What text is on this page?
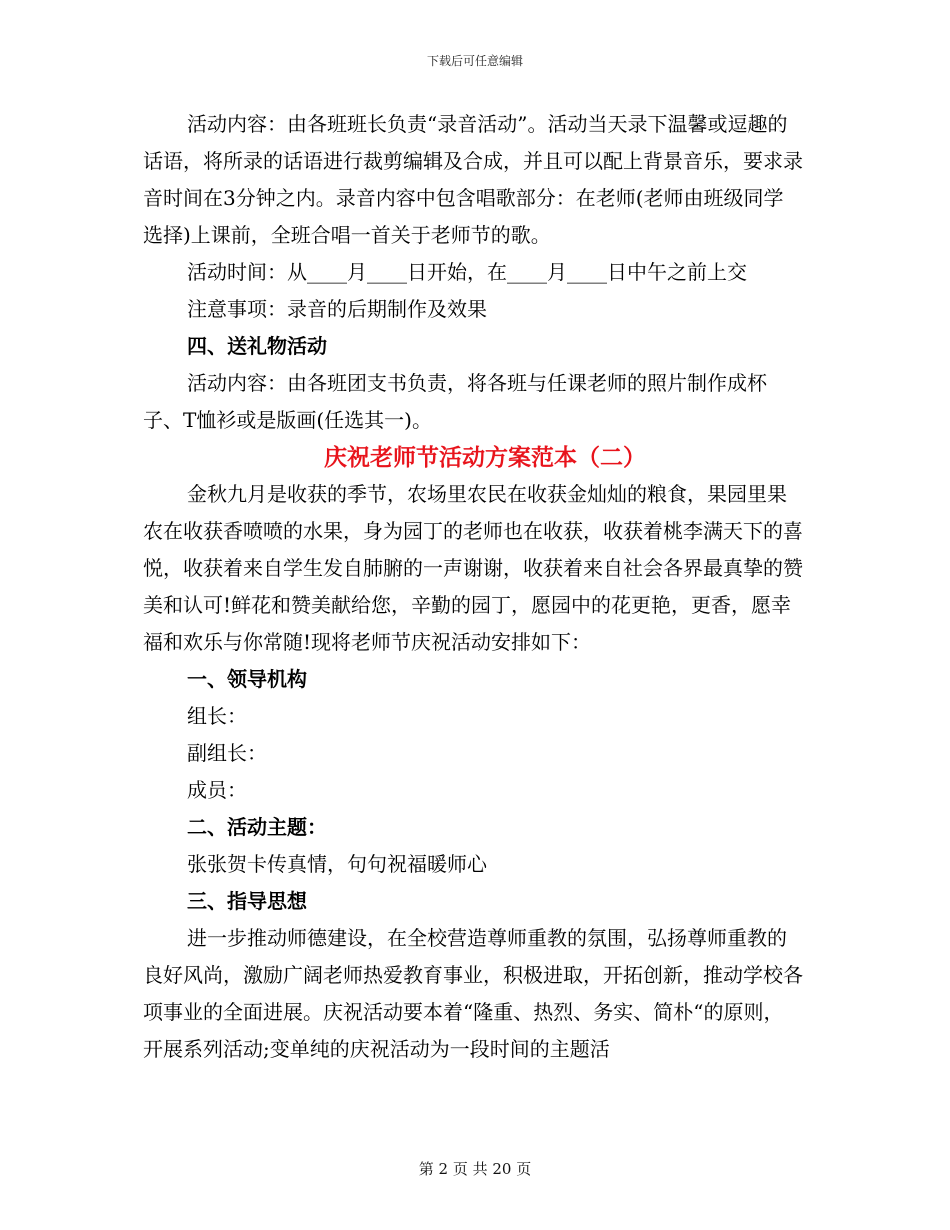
下载后可任意编辑

活动内容：由各班班长负责“录音活动”。活动当天录下温馨或逗趣的话语，将所录的话语进行裁剪编辑及合成，并且可以配上背景音乐，要求录音时间在3分钟之内。录音内容中包含唱歌部分：在老师(老师由班级同学选择)上课前，全班合唱一首关于老师节的歌。

活动时间：从____月____日开始，在____月____日中午之前上交

注意事项：录音的后期制作及效果

四、送礼物活动

活动内容：由各班团支书负责，将各班与任课老师的照片制作成杯子、T恤衫或是版画(任选其一)。

庆祝老师节活动方案范本（二）

金秋九月是收获的季节，农场里农民在收获金灿灿的粮食，果园里果农在收获香喷喷的水果，身为园丁的老师也在收获，收获着桃李满天下的喜悦，收获着来自学生发自肺腑的一声谢谢，收获着来自社会各界最真挚的赞美和认可!鲜花和赞美献给您，辛勤的园丁，愿园中的花更艳，更香，愿幸福和欢乐与你常随!现将老师节庆祝活动安排如下：

一、领导机构

组长：

副组长：

成员：

二、活动主题：

张张贺卡传真情，句句祝福暖师心

三、指导思想

进一步推动师德建设，在全校营造尊师重教的氛围，弘扬尊师重教的良好风尚，激励广阔老师热爱教育事业，积极进取，开拓创新，推动学校各项事业的全面进展。庆祝活动要本着“隆重、热烈、务实、简朴“的原则，开展系列活动;变单纯的庆祝活动为一段时间的主题活

第 2 页 共 20 页
